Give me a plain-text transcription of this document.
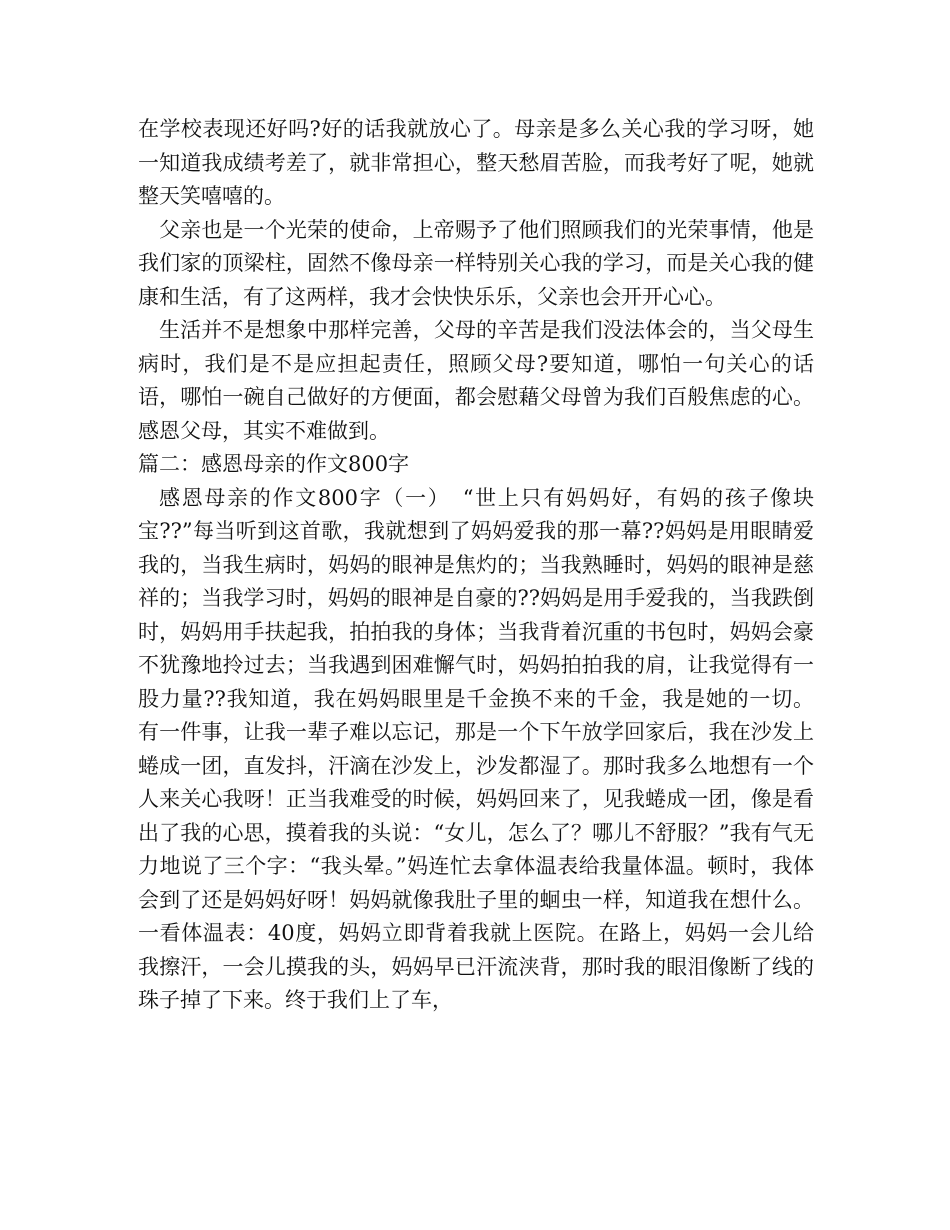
在学校表现还好吗?好的话我就放心了。母亲是多么关心我的学习呀，她一知道我成绩考差了，就非常担心，整天愁眉苦脸，而我考好了呢，她就整天笑嘻嘻的。

父亲也是一个光荣的使命，上帝赐予了他们照顾我们的光荣事情，他是我们家的顶梁柱，固然不像母亲一样特别关心我的学习，而是关心我的健康和生活，有了这两样，我才会快快乐乐，父亲也会开开心心。

生活并不是想象中那样完善，父母的辛苦是我们没法体会的，当父母生病时，我们是不是应担起责任，照顾父母?要知道，哪怕一句关心的话语，哪怕一碗自己做好的方便面，都会慰藉父母曾为我们百般焦虑的心。感恩父母，其实不难做到。

篇二：感恩母亲的作文800字

感恩母亲的作文800字（一）　“世上只有妈妈好，有妈的孩子像块宝??”每当听到这首歌，我就想到了妈妈爱我的那一幕??妈妈是用眼睛爱我的，当我生病时，妈妈的眼神是焦灼的；当我熟睡时，妈妈的眼神是慈祥的；当我学习时，妈妈的眼神是自豪的??妈妈是用手爱我的，当我跌倒时，妈妈用手扶起我，拍拍我的身体；当我背着沉重的书包时，妈妈会豪不犹豫地拎过去；当我遇到困难懈气时，妈妈拍拍我的肩，让我觉得有一股力量??我知道，我在妈妈眼里是千金换不来的千金，我是她的一切。 有一件事，让我一辈子难以忘记，那是一个下午放学回家后，我在沙发上蜷成一团，直发抖，汗滴在沙发上，沙发都湿了。那时我多么地想有一个人来关心我呀！正当我难受的时候，妈妈回来了，见我蜷成一团，像是看出了我的心思，摸着我的头说：“女儿，怎么了？哪儿不舒服？”我有气无力地说了三个字：“我头晕。”妈连忙去拿体温表给我量体温。顿时，我体会到了还是妈妈好呀！妈妈就像我肚子里的蛔虫一样，知道我在想什么。一看体温表：40度，妈妈立即背着我就上医院。在路上，妈妈一会儿给我擦汗，一会儿摸我的头，妈妈早已汗流浃背，那时我的眼泪像断了线的珠子掉了下来。终于我们上了车，
